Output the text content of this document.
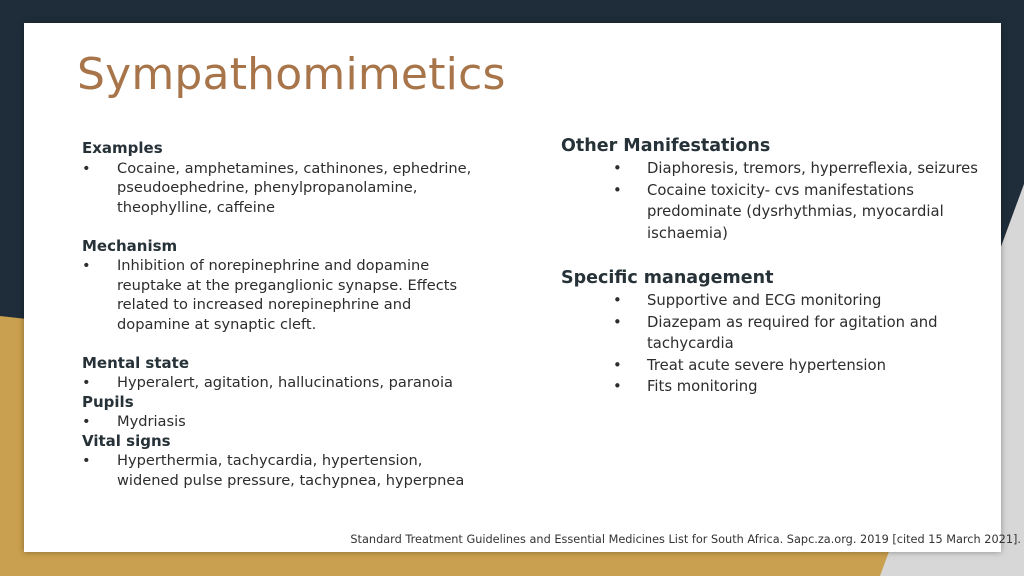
Sympathomimetics
Examples
• Cocaine, amphetamines, cathinones, ephedrine, pseudoephedrine, phenylpropanolamine, theophylline, caffeine
Mechanism
• Inhibition of norepinephrine and dopamine reuptake at the preganglionic synapse. Effects related to increased norepinephrine and dopamine at synaptic cleft.
Mental state
• Hyperalert, agitation, hallucinations, paranoia
Pupils
• Mydriasis
Vital signs
• Hyperthermia, tachycardia, hypertension, widened pulse pressure, tachypnea, hyperpnea
Other Manifestations
• Diaphoresis, tremors, hyperreflexia, seizures
• Cocaine toxicity- cvs manifestations predominate (dysrhythmias, myocardial ischaemia)
Specific management
• Supportive and ECG monitoring
• Diazepam as required for agitation and tachycardia
• Treat acute severe hypertension
• Fits monitoring
Standard Treatment Guidelines and Essential Medicines List for South Africa. Sapc.za.org. 2019 [cited 15 March 2021].
